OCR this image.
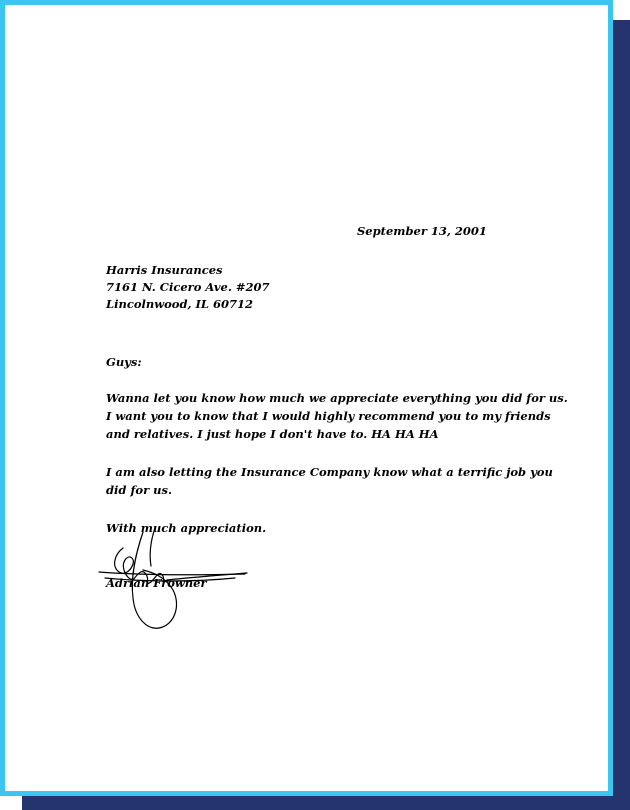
September 13, 2001

Harris Insurances

7161 N. Cicero Ave. #207

Lincolnwood, IL 60712

Guys:

Wanna let you know how much we appreciate everything you did for us.

I want you to know that I would highly recommend you to my friends

and relatives. I just hope I don't have to. HA HA HA

I am also letting the Insurance Company know what a terrific job you

did for us.

With much appreciation.

Adrian Frowner
